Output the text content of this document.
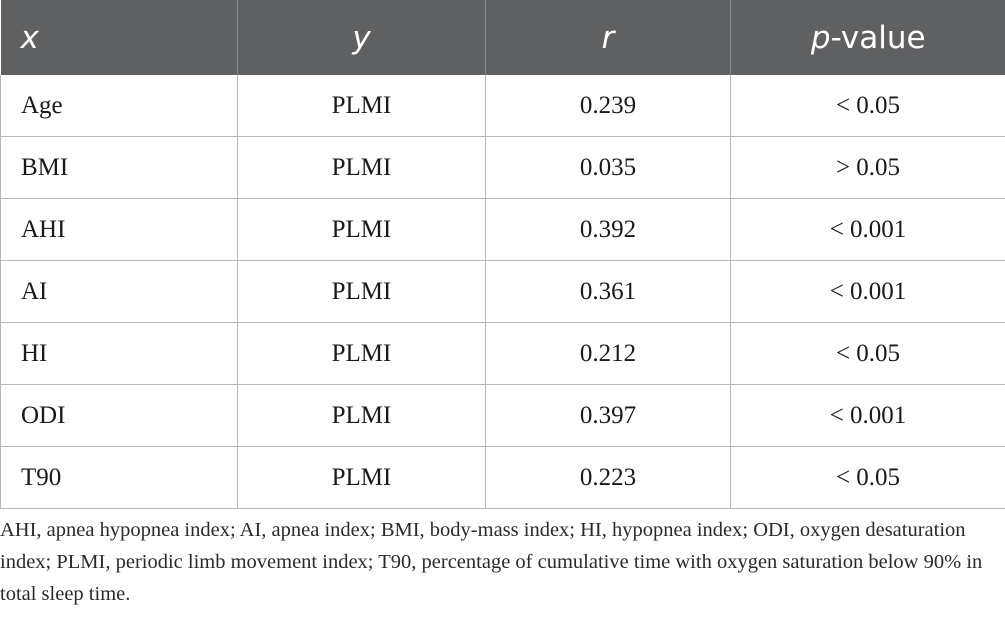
x	y	r	p-value
Age	PLMI	0.239	< 0.05
BMI	PLMI	0.035	> 0.05
AHI	PLMI	0.392	< 0.001
AI	PLMI	0.361	< 0.001
HI	PLMI	0.212	< 0.05
ODI	PLMI	0.397	< 0.001
T90	PLMI	0.223	< 0.05

AHI, apnea hypopnea index; AI, apnea index; BMI, body-mass index; HI, hypopnea index; ODI, oxygen desaturation index; PLMI, periodic limb movement index; T90, percentage of cumulative time with oxygen saturation below 90% in total sleep time.
